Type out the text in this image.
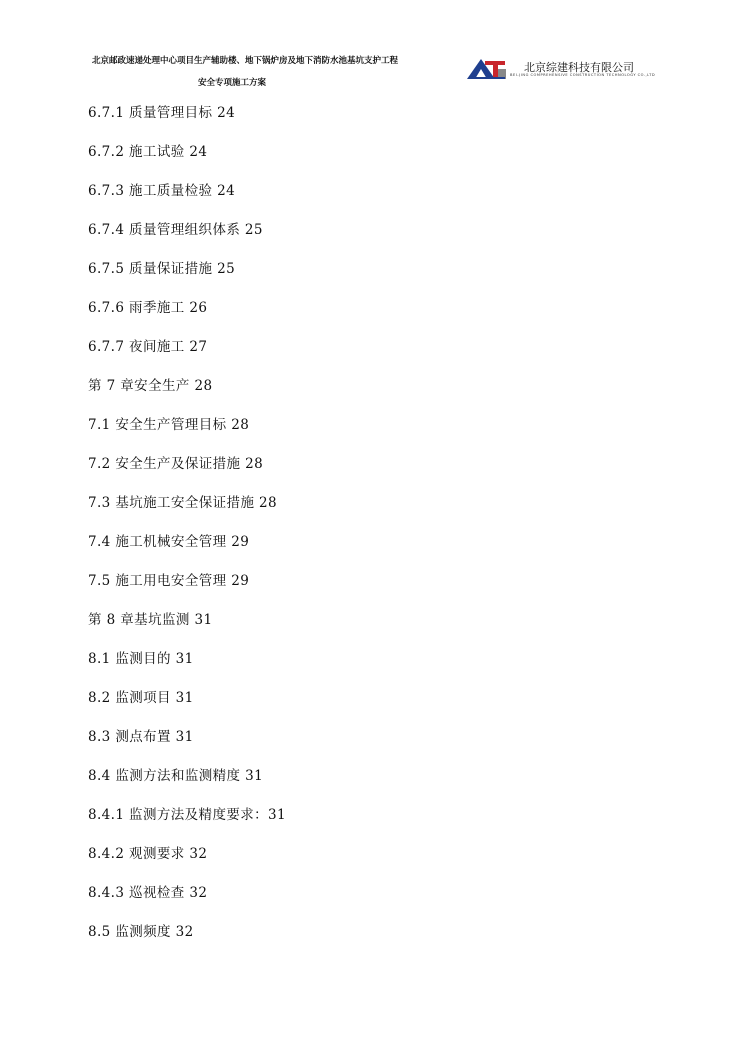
北京邮政速递处理中心项目生产辅助楼、地下锅炉房及地下消防水池基坑支护工程
安全专项施工方案
北京综建科技有限公司
BEI-JING COMPREHENSIVE CONSTRUCTION TECHNOLOGY CO.,LTD
6.7.1 质量管理目标 24
6.7.2 施工试验 24
6.7.3 施工质量检验 24
6.7.4 质量管理组织体系 25
6.7.5 质量保证措施 25
6.7.6 雨季施工 26
6.7.7 夜间施工 27
第 7 章安全生产 28
7.1 安全生产管理目标 28
7.2 安全生产及保证措施 28
7.3 基坑施工安全保证措施 28
7.4 施工机械安全管理 29
7.5 施工用电安全管理 29
第 8 章基坑监测 31
8.1 监测目的 31
8.2 监测项目 31
8.3 测点布置 31
8.4 监测方法和监测精度 31
8.4.1 监测方法及精度要求：31
8.4.2 观测要求 32
8.4.3 巡视检查 32
8.5 监测频度 32
